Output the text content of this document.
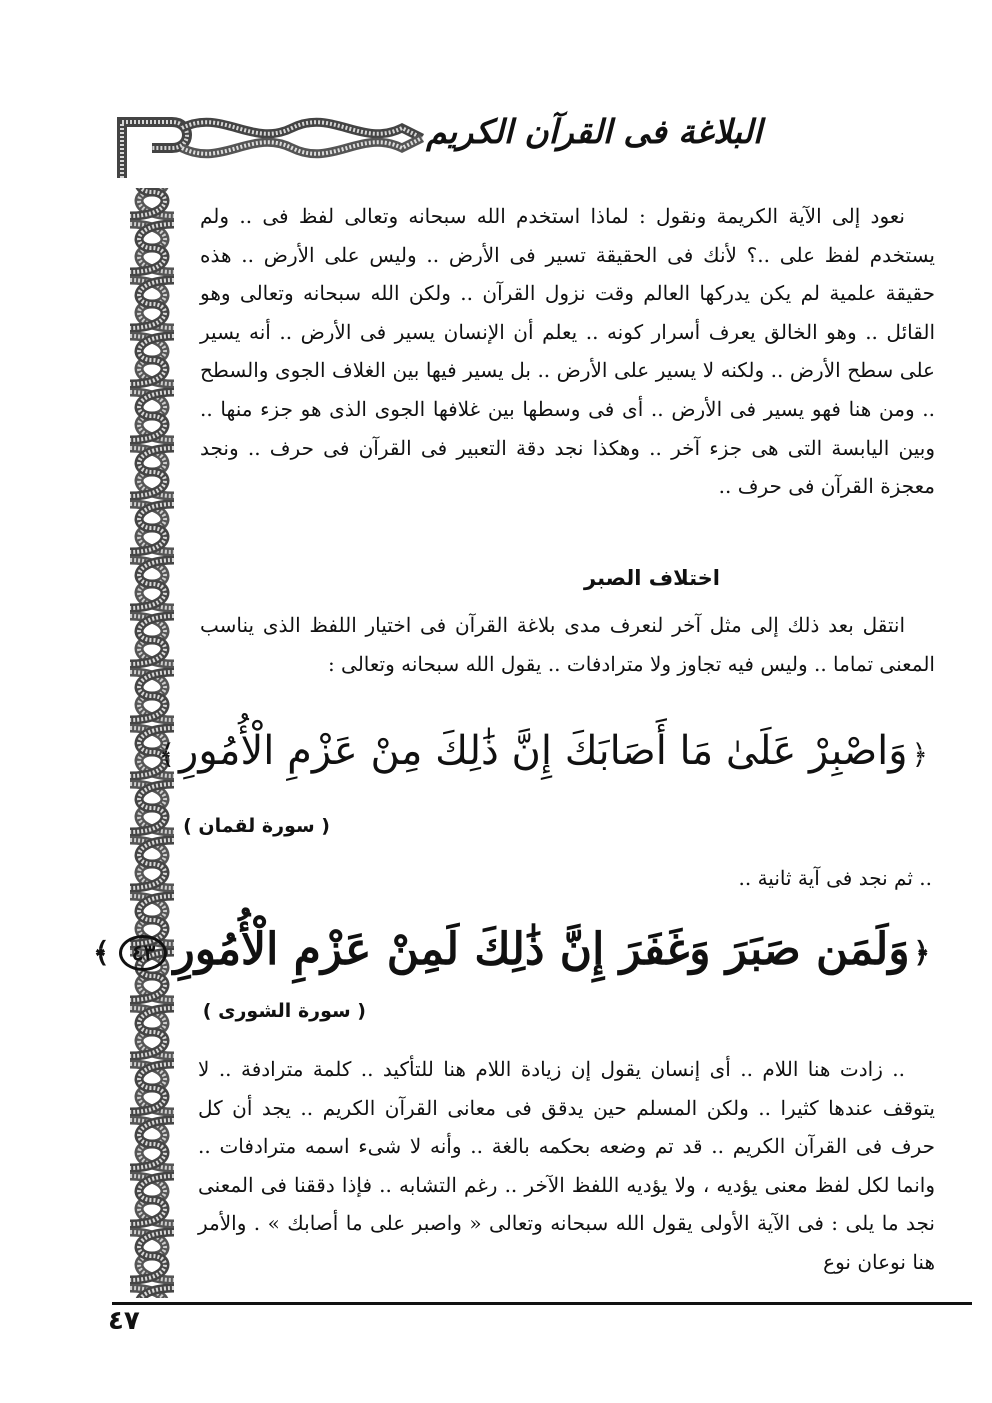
البلاغة فى القرآن الكريم

نعود إلى الآية الكريمة ونقول : لماذا استخدم الله سبحانه وتعالى لفظ فى .. ولم يستخدم لفظ على ..؟ لأنك فى الحقيقة تسير فى الأرض .. وليس على الأرض .. هذه حقيقة علمية لم يكن يدركها العالم وقت نزول القرآن .. ولكن الله سبحانه وتعالى وهو القائل .. وهو الخالق يعرف أسرار كونه .. يعلم أن الإنسان يسير فى الأرض .. أنه يسير على سطح الأرض .. ولكنه لا يسير على الأرض .. بل يسير فيها بين الغلاف الجوى والسطح .. ومن هنا فهو يسير فى الأرض .. أى فى وسطها بين غلافها الجوى الذى هو جزء منها .. وبين اليابسة التى هى جزء آخر .. وهكذا نجد دقة التعبير فى القرآن فى حرف .. ونجد معجزة القرآن فى حرف ..

اختلاف الصبر

انتقل بعد ذلك إلى مثل آخر لنعرف مدى بلاغة القرآن فى اختيار اللفظ الذى يناسب المعنى تماما .. وليس فيه تجاوز ولا مترادفات .. يقول الله سبحانه وتعالى :

﴿وَاصْبِرْ عَلَىٰ مَا أَصَابَكَ إِنَّ ذَٰلِكَ مِنْ عَزْمِ الْأُمُورِ﴾
( سورة لقمان )
.. ثم نجد فى آية ثانية ..
﴿وَلَمَن صَبَرَ وَغَفَرَ إِنَّ ذَٰلِكَ لَمِنْ عَزْمِ الْأُمُورِ٤٣﴾
( سورة الشورى )

.. زادت هنا اللام .. أى إنسان يقول إن زيادة اللام هنا للتأكيد .. كلمة مترادفة .. لا يتوقف عندها كثيرا .. ولكن المسلم حين يدقق فى معانى القرآن الكريم .. يجد أن كل حرف فى القرآن الكريم .. قد تم وضعه بحكمه بالغة .. وأنه لا شىء اسمه مترادفات .. وانما لكل لفظ معنى يؤديه ، ولا يؤديه اللفظ الآخر .. رغم التشابه .. فإذا دققنا فى المعنى نجد ما يلى : فى الآية الأولى يقول الله سبحانه وتعالى « واصبر على ما أصابك » . والأمر هنا نوعان نوع

٤٧
